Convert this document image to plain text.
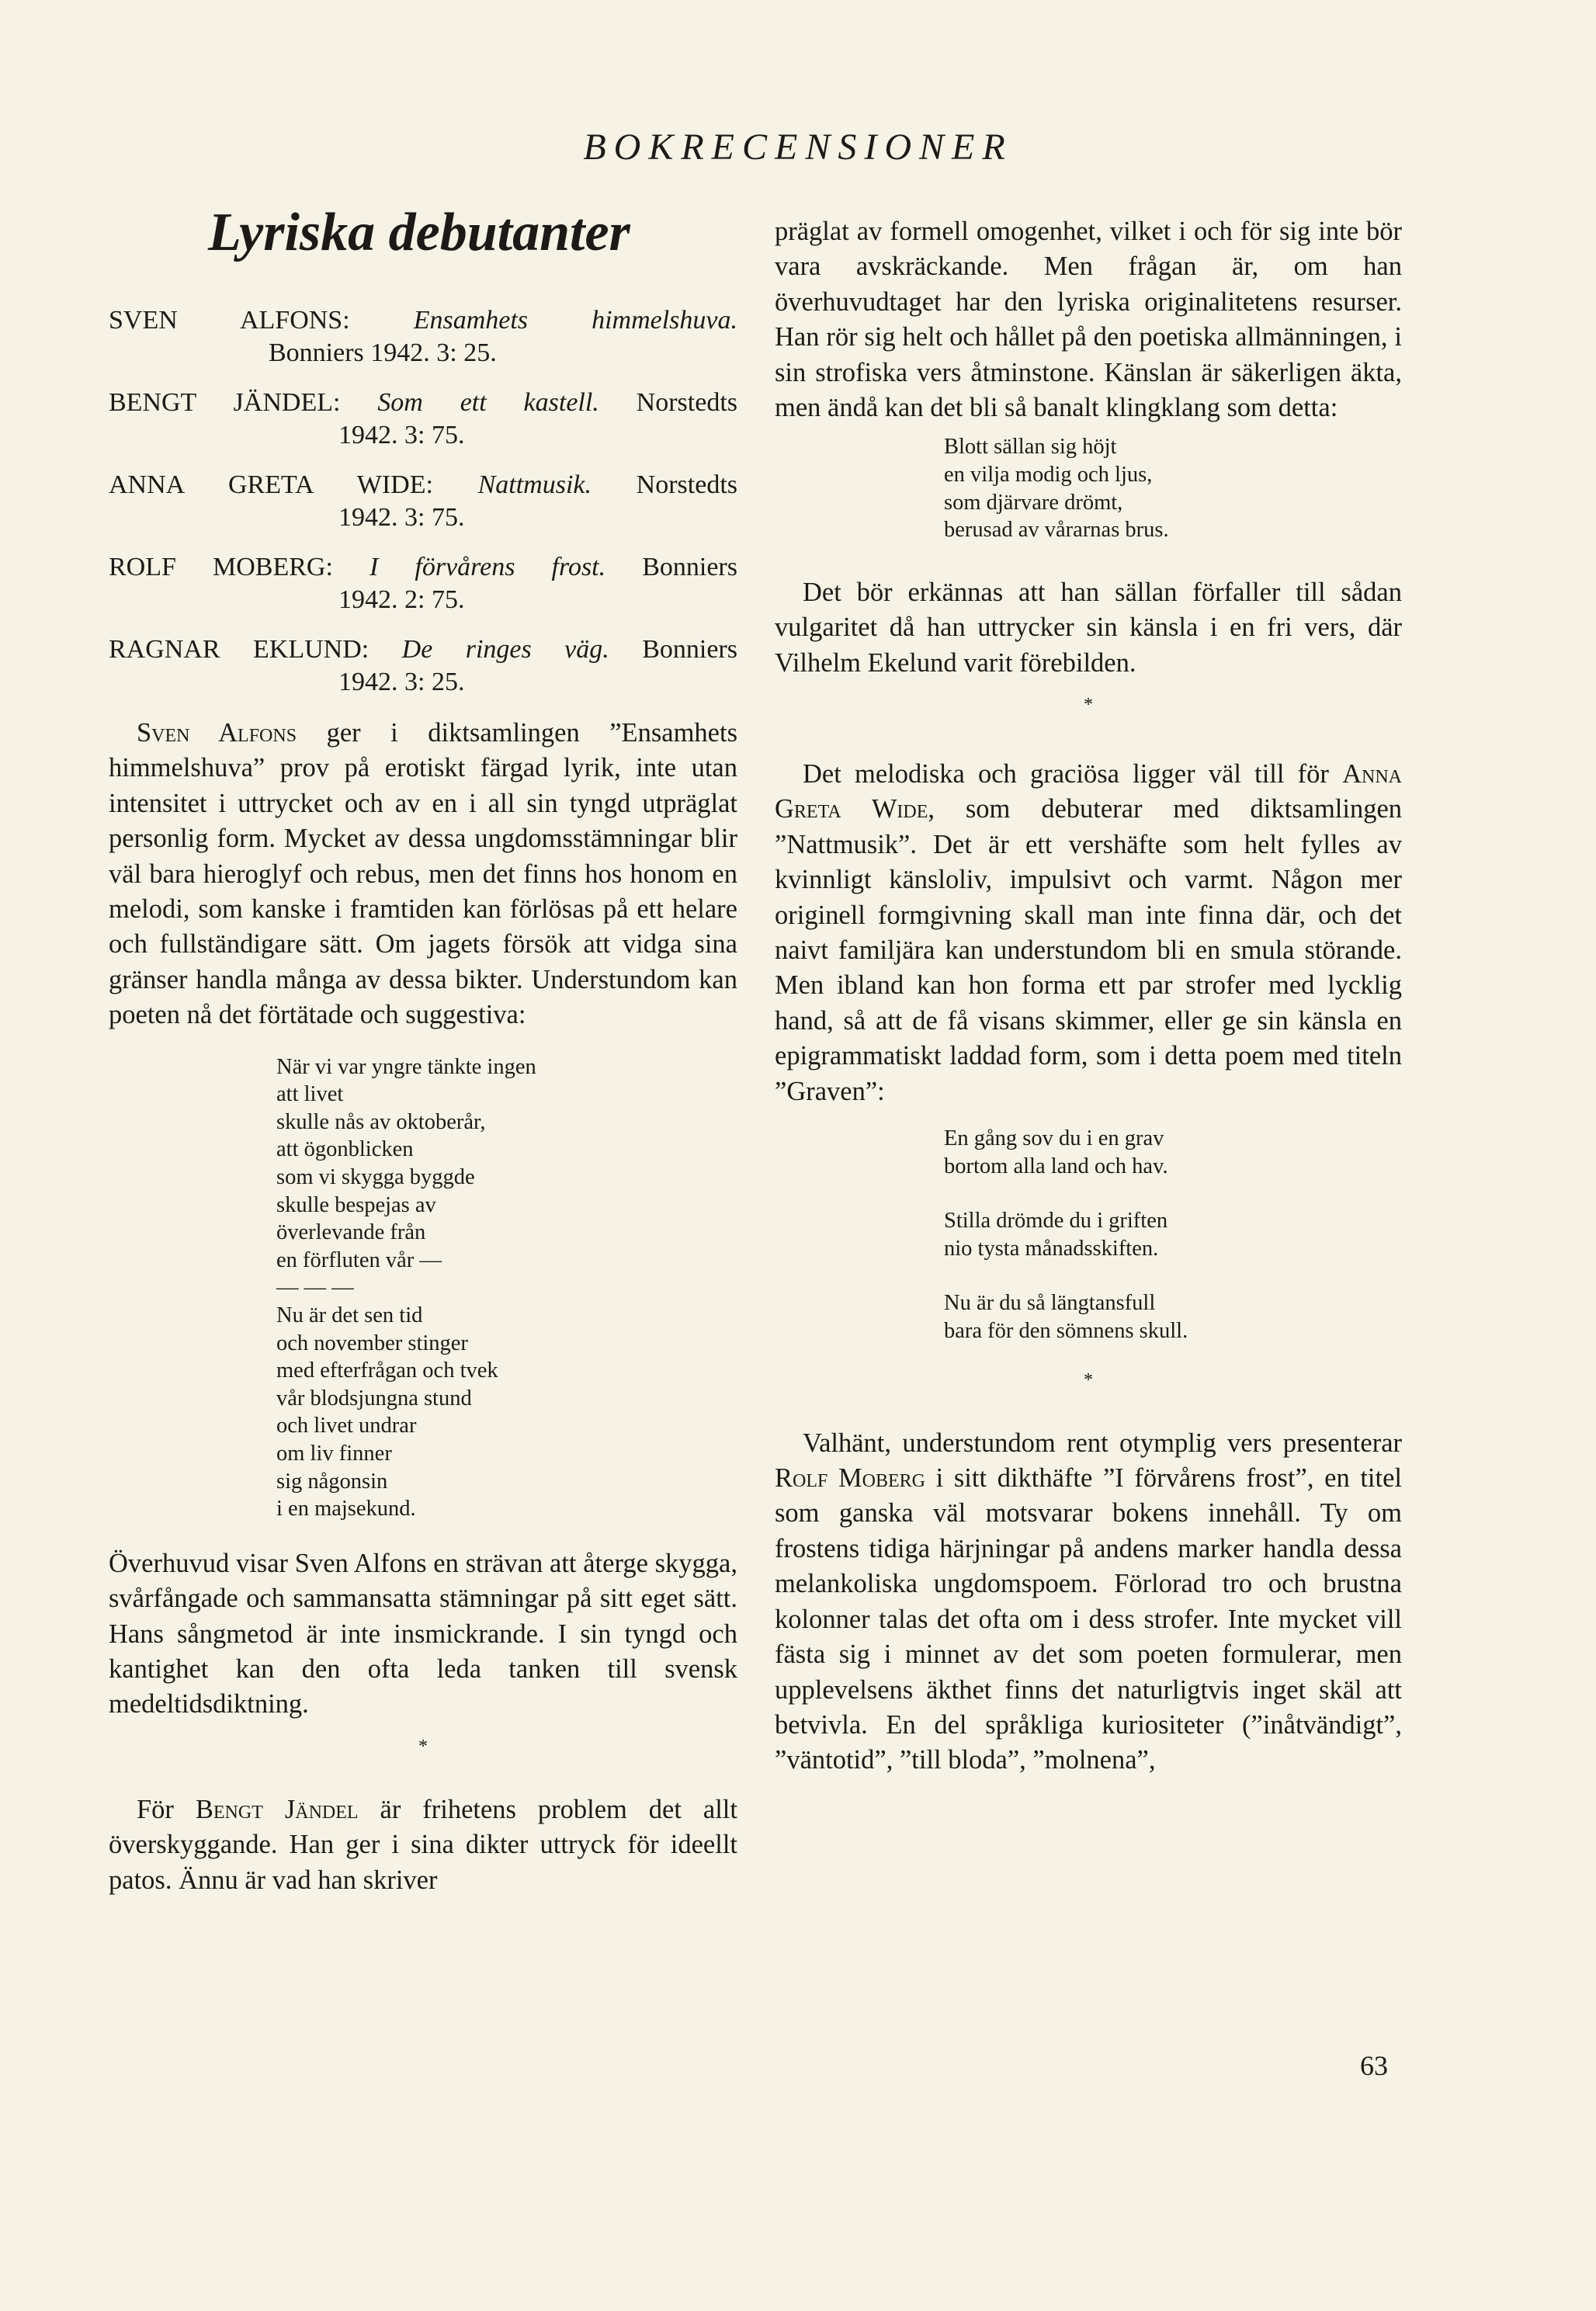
BOKRECENSIONER
Lyriska debutanter
SVEN ALFONS: Ensamhets himmelshuva.
Bonniers 1942. 3: 25.
BENGT JÄNDEL: Som ett kastell. Norstedts
1942. 3: 75.
ANNA GRETA WIDE: Nattmusik. Norstedts
1942. 3: 75.
ROLF MOBERG: I förvårens frost. Bonniers
1942. 2: 75.
RAGNAR EKLUND: De ringes väg. Bonniers
1942. 3: 25.

Sven Alfons ger i diktsamlingen ”Ensamhets himmelshuva” prov på erotiskt färgad lyrik, inte utan intensitet i uttrycket och av en i all sin tyngd utpräglat personlig form. Mycket av dessa ungdomsstämningar blir väl bara hieroglyf och rebus, men det finns hos honom en melodi, som kanske i framtiden kan förlösas på ett helare och fullständigare sätt. Om jagets försök att vidga sina gränser handla många av dessa bikter. Understundom kan poeten nå det förtätade och suggestiva:

När vi var yngre tänkte ingen
att livet
skulle nås av oktoberår,
att ögonblicken
som vi skygga byggde
skulle bespejas av
överlevande från
en förfluten vår —
— — —
Nu är det sen tid
och november stinger
med efterfrågan och tvek
vår blodsjungna stund
och livet undrar
om liv finner
sig någonsin
i en majsekund.

Överhuvud visar Sven Alfons en strävan att återge skygga, svårfångade och sammansatta stämningar på sitt eget sätt. Hans sångmetod är inte insmickrande. I sin tyngd och kantighet kan den ofta leda tanken till svensk medeltidsdiktning.

*

För Bengt Jändel är frihetens problem det allt överskyggande. Han ger i sina dikter uttryck för ideellt patos. Ännu är vad han skriver

präglat av formell omogenhet, vilket i och för sig inte bör vara avskräckande. Men frågan är, om han överhuvudtaget har den lyriska originalitetens resurser. Han rör sig helt och hållet på den poetiska allmänningen, i sin strofiska vers åtminstone. Känslan är säkerligen äkta, men ändå kan det bli så banalt klingklang som detta:

Blott sällan sig höjt
en vilja modig och ljus,
som djärvare drömt,
berusad av vårarnas brus.

Det bör erkännas att han sällan förfaller till sådan vulgaritet då han uttrycker sin känsla i en fri vers, där Vilhelm Ekelund varit förebilden.

*

Det melodiska och graciösa ligger väl till för Anna Greta Wide, som debuterar med diktsamlingen ”Nattmusik”. Det är ett vershäfte som helt fylles av kvinnligt känsloliv, impulsivt och varmt. Någon mer originell formgivning skall man inte finna där, och det naivt familjära kan understundom bli en smula störande. Men ibland kan hon forma ett par strofer med lycklig hand, så att de få visans skimmer, eller ge sin känsla en epigrammatiskt laddad form, som i detta poem med titeln ”Graven”:

En gång sov du i en grav
bortom alla land och hav.
Stilla drömde du i griften
nio tysta månadsskiften.
Nu är du så längtansfull
bara för den sömnens skull.
*

Valhänt, understundom rent otymplig vers presenterar Rolf Moberg i sitt dikthäfte ”I förvårens frost”, en titel som ganska väl motsvarar bokens innehåll. Ty om frostens tidiga härjningar på andens marker handla dessa melankoliska ungdomspoem. Förlorad tro och brustna kolonner talas det ofta om i dess strofer. Inte mycket vill fästa sig i minnet av det som poeten formulerar, men upplevelsens äkthet finns det naturligtvis inget skäl att betvivla. En del språkliga kuriositeter (”inåtvändigt”, ”väntotid”, ”till bloda”, ”molnena”,

63
